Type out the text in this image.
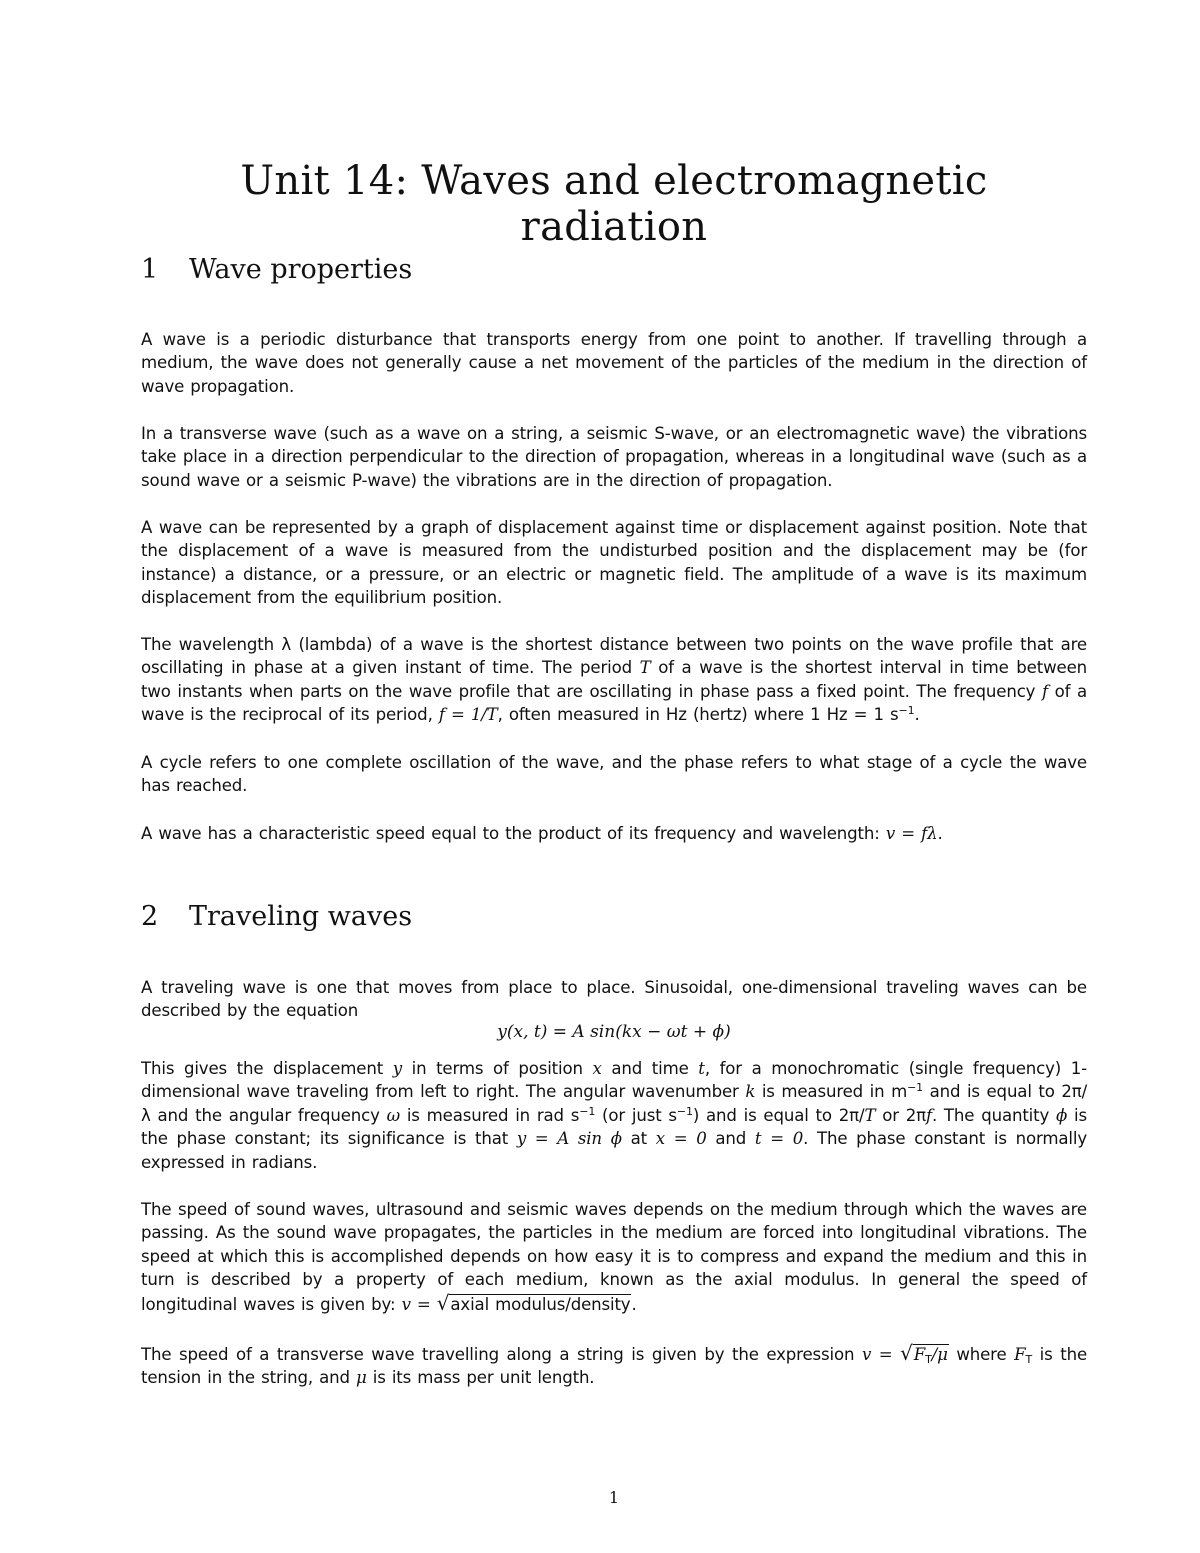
Unit 14: Waves and electromagnetic radiation
1 Wave properties

A wave is a periodic disturbance that transports energy from one point to another. If travelling through a medium, the wave does not generally cause a net movement of the particles of the medium in the direction of wave propagation.

In a transverse wave (such as a wave on a string, a seismic S-wave, or an electromagnetic wave) the vibrations take place in a direction perpendicular to the direction of propagation, whereas in a longitudinal wave (such as a sound wave or a seismic P-wave) the vibrations are in the direction of propagation.

A wave can be represented by a graph of displacement against time or displacement against position. Note that the displacement of a wave is measured from the undisturbed position and the displacement may be (for instance) a distance, or a pressure, or an electric or magnetic field. The amplitude of a wave is its maximum displacement from the equilibrium position.

The wavelength λ (lambda) of a wave is the shortest distance between two points on the wave profile that are oscillating in phase at a given instant of time. The period T of a wave is the shortest interval in time between two instants when parts on the wave profile that are oscillating in phase pass a fixed point. The frequency f of a wave is the reciprocal of its period, f = 1/T, often measured in Hz (hertz) where 1 Hz = 1 $s^{-1}$.

A cycle refers to one complete oscillation of the wave, and the phase refers to what stage of a cycle the wave has reached.

A wave has a characteristic speed equal to the product of its frequency and wavelength: v = fλ.

2 Traveling waves

A traveling wave is one that moves from place to place. Sinusoidal, one-dimensional traveling waves can be described by the equation

y(x, t) = A sin(kx − ωt + ϕ)

This gives the displacement y in terms of position x and time t, for a monochromatic (single frequency) 1-dimensional wave traveling from left to right. The angular wavenumber k is measured in $m^{-1}$ and is equal to 2π/λ and the angular frequency ω is measured in rad $s^{-1}$ (or just $s^{-1}$) and is equal to 2π/T or 2πf. The quantity ϕ is the phase constant; its significance is that y = A sin ϕ at x = 0 and t = 0. The phase constant is normally expressed in radians.

The speed of sound waves, ultrasound and seismic waves depends on the medium through which the waves are passing. As the sound wave propagates, the particles in the medium are forced into longitudinal vibrations. The speed at which this is accomplished depends on how easy it is to compress and expand the medium and this in turn is described by a property of each medium, known as the axial modulus. In general the speed of longitudinal waves is given by: v = √axial modulus/density.

The speed of a transverse wave travelling along a string is given by the expression $v = √F_T/\mu$ where $F_T$ is the tension in the string, and μ is its mass per unit length.

1
